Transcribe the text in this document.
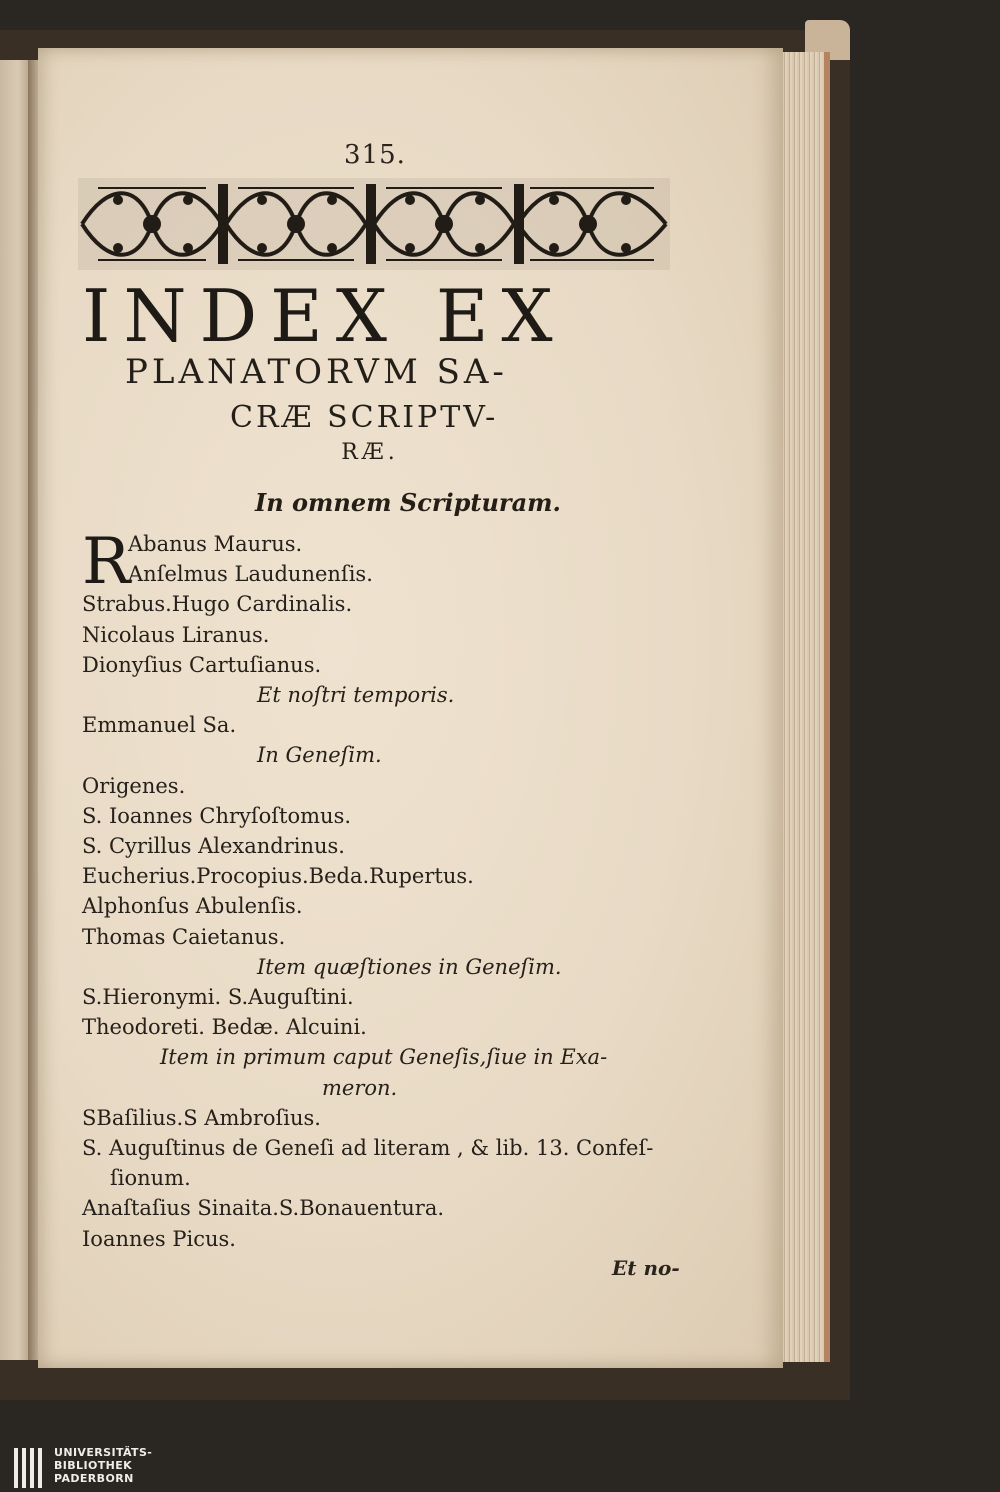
315.
INDEX EX
PLANATORVM SA-
CRÆ SCRIPTV-
RÆ.
In omnem Scripturam.
R
Abanus Maurus.
Anſelmus Laudunenſis.
Strabus.Hugo Cardinalis.
Nicolaus Liranus.
Dionyſius Cartuſianus.
Et noſtri temporis.
Emmanuel Sa.
In Geneſim.
Origenes.
S. Ioannes Chryſoſtomus.
S. Cyrillus Alexandrinus.
Eucherius.Procopius.Beda.Rupertus.
Alphonſus Abulenſis.
Thomas Caietanus.
Item quæſtiones in Geneſim.
S.Hieronymi. S.Auguſtini.
Theodoreti. Bedæ. Alcuini.
Item in primum caput Geneſis,ſiue in Exa-
meron.
SBaſilius.S Ambroſius.
S. Auguſtinus de Geneſi ad literam , & lib. 13. Confeſ-
ſionum.
Anaſtaſius Sinaita.S.Bonauentura.
Ioannes Picus.
Et no-
UNIVERSITÄTS-
BIBLIOTHEK
PADERBORN
